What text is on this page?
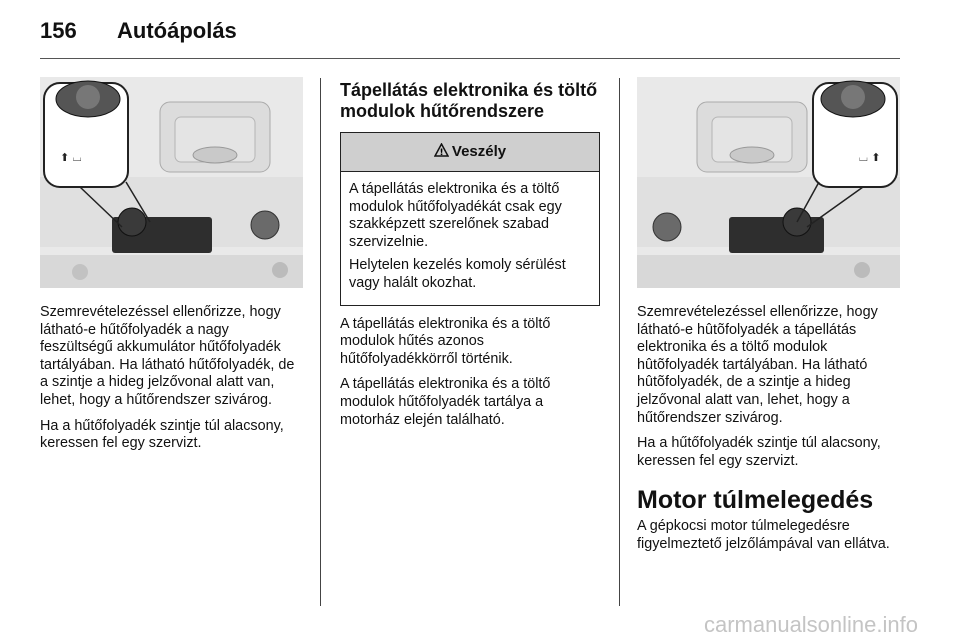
156 Autóápolás
⬆ ⌴

Szemrevételezéssel ellenőrizze, hogy látható-e hűtőfolyadék a nagy feszültségű akkumulátor hűtőfolyadék tartályában. Ha látható hűtőfolyadék, de a szintje a hideg jelzővonal alatt van, lehet, hogy a hűtőrendszer szivárog.

Ha a hűtőfolyadék szintje túl alacsony, keressen fel egy szervizt.

Tápellátás elektronika és töltő modulok hűtőrendszere
! Veszély

A tápellátás elektronika és a töltő modulok hűtőfolyadékát csak egy szakképzett szerelőnek szabad szervizelnie.

Helytelen kezelés komoly sérülést vagy halált okozhat.

A tápellátás elektronika és a töltő modulok hűtés azonos hűtőfolyadékkörről történik.

A tápellátás elektronika és a töltő modulok hűtőfolyadék tartálya a motorház elején található.

⌴ ⬆

Szemrevételezéssel ellenőrizze, hogy látható-e hûtõfolyadék a tápellátás elektronika és a töltő modulok hûtõfolyadék tartályában. Ha látható hûtõfolyadék, de a szintje a hideg jelzővonal alatt van, lehet, hogy a hűtőrendszer szivárog.

Ha a hűtőfolyadék szintje túl alacsony, keressen fel egy szervizt.

Motor túlmelegedés

A gépkocsi motor túlmelegedésre figyelmeztető jelzőlámpával van ellátva.

carmanualsonline.info
